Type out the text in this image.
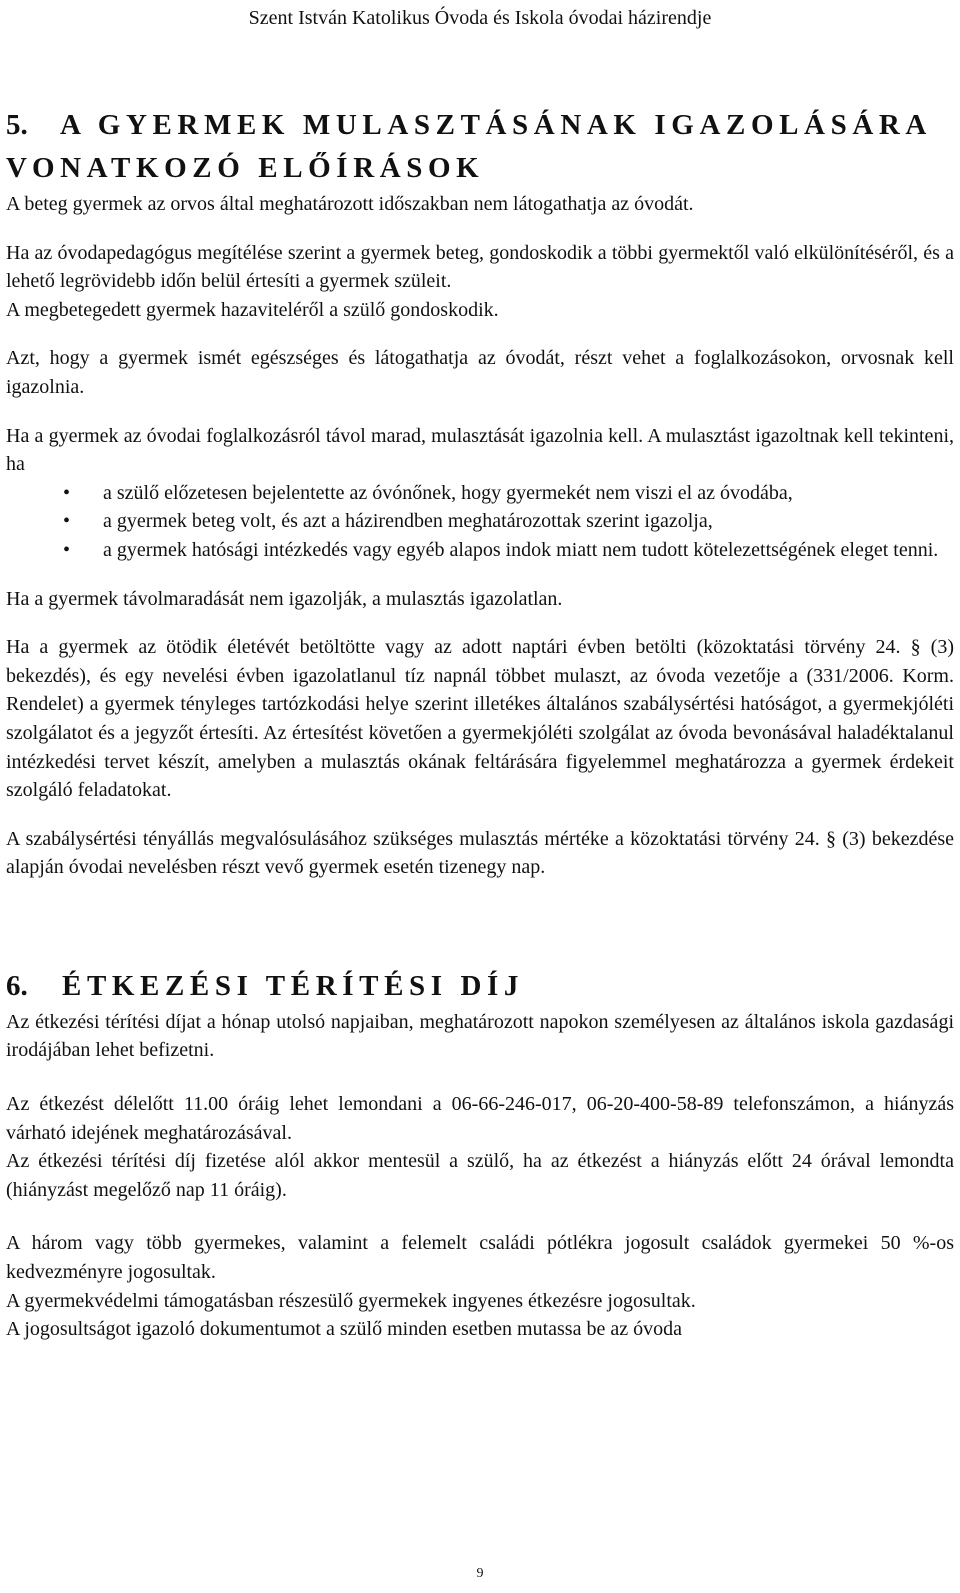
Szent István Katolikus Óvoda és Iskola óvodai házirendje
5. A GYERMEK MULASZTÁSÁNAK IGAZOLÁSÁRA
VONATKOZÓ ELŐÍRÁSOK

A beteg gyermek az orvos által meghatározott időszakban nem látogathatja az óvodát.

Ha az óvodapedagógus megítélése szerint a gyermek beteg, gondoskodik a többi gyermektől való elkülönítéséről, és a lehető legrövidebb időn belül értesíti a gyermek szüleit.

A megbetegedett gyermek hazaviteléről a szülő gondoskodik.

Azt, hogy a gyermek ismét egészséges és látogathatja az óvodát, részt vehet a foglalkozásokon, orvosnak kell igazolnia.

Ha a gyermek az óvodai foglalkozásról távol marad, mulasztását igazolnia kell. A mulasztást igazoltnak kell tekinteni, ha

• a szülő előzetesen bejelentette az óvónőnek, hogy gyermekét nem viszi el az óvodába,
• a gyermek beteg volt, és azt a házirendben meghatározottak szerint igazolja,
• a gyermek hatósági intézkedés vagy egyéb alapos indok miatt nem tudott kötelezettségének eleget tenni.

Ha a gyermek távolmaradását nem igazolják, a mulasztás igazolatlan.

Ha a gyermek az ötödik életévét betöltötte vagy az adott naptári évben betölti (közoktatási törvény 24. § (3) bekezdés), és egy nevelési évben igazolatlanul tíz napnál többet mulaszt, az óvoda vezetője a (331/2006. Korm. Rendelet) a gyermek tényleges tartózkodási helye szerint illetékes általános szabálysértési hatóságot, a gyermekjóléti szolgálatot és a jegyzőt értesíti. Az értesítést követően a gyermekjóléti szolgálat az óvoda bevonásával haladéktalanul intézkedési tervet készít, amelyben a mulasztás okának feltárására figyelemmel meghatározza a gyermek érdekeit szolgáló feladatokat.

A szabálysértési tényállás megvalósulásához szükséges mulasztás mértéke a közoktatási törvény 24. § (3) bekezdése alapján óvodai nevelésben részt vevő gyermek esetén tizenegy nap.

6. ÉTKEZÉSI TÉRÍTÉSI DÍJ

Az étkezési térítési díjat a hónap utolsó napjaiban, meghatározott napokon személyesen az általános iskola gazdasági irodájában lehet befizetni.

Az étkezést délelőtt 11.00 óráig lehet lemondani a 06-66-246-017, 06-20-400-58-89 telefonszámon, a hiányzás várható idejének meghatározásával.

Az étkezési térítési díj fizetése alól akkor mentesül a szülő, ha az étkezést a hiányzás előtt 24 órával lemondta (hiányzást megelőző nap 11 óráig).

A három vagy több gyermekes, valamint a felemelt családi pótlékra jogosult családok gyermekei 50 %-os kedvezményre jogosultak.

A gyermekvédelmi támogatásban részesülő gyermekek ingyenes étkezésre jogosultak.

A jogosultságot igazoló dokumentumot a szülő minden esetben mutassa be az óvoda

9
